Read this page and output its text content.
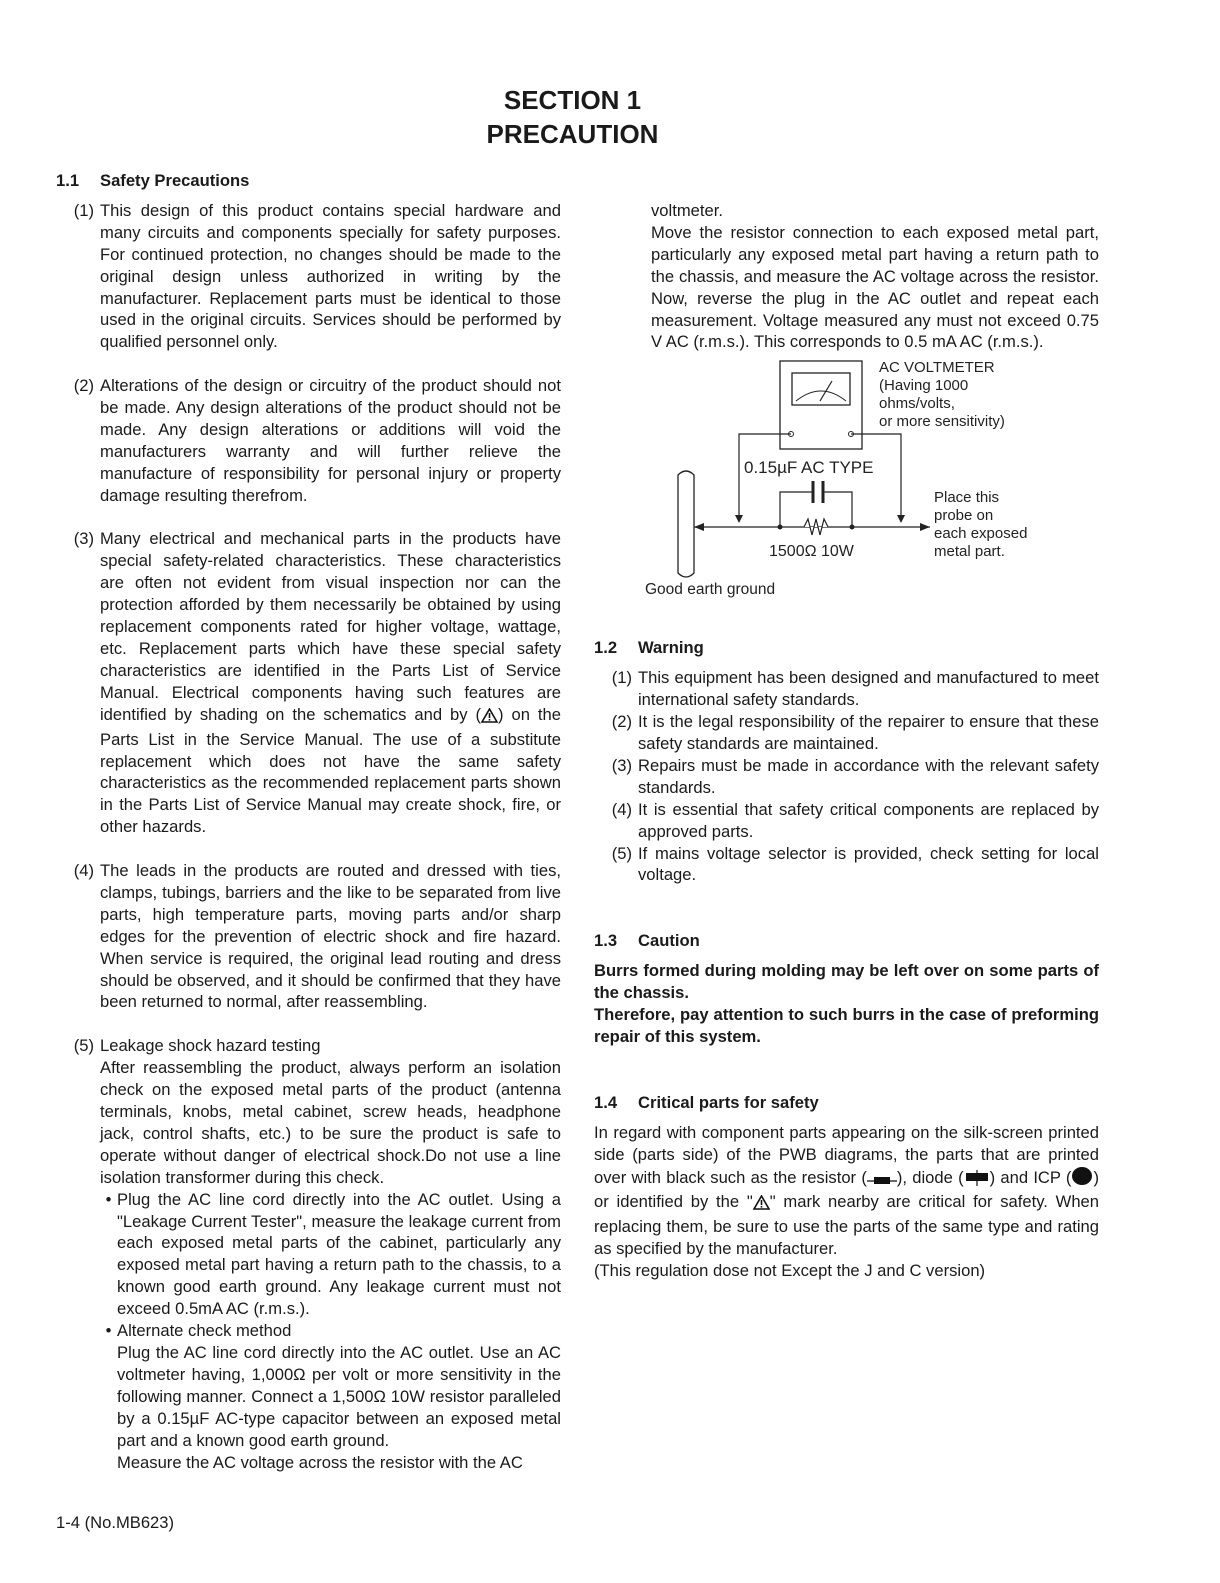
SECTION 1
PRECAUTION
1.1	Safety Precautions
(1) This design of this product contains special hardware and many circuits and components specially for safety purposes. For continued protection, no changes should be made to the original design unless authorized in writing by the manufacturer. Replacement parts must be identical to those used in the original circuits. Services should be performed by qualified personnel only.
(2) Alterations of the design or circuitry of the product should not be made. Any design alterations of the product should not be made. Any design alterations or additions will void the manufacturers warranty and will further relieve the manufacture of responsibility for personal injury or property damage resulting therefrom.
(3) Many electrical and mechanical parts in the products have special safety-related characteristics. These characteristics are often not evident from visual inspection nor can the protection afforded by them necessarily be obtained by using replacement components rated for higher voltage, wattage, etc. Replacement parts which have these special safety characteristics are identified in the Parts List of Service Manual. Electrical components having such features are identified by shading on the schematics and by ( ) on the Parts List in the Service Manual. The use of a substitute replacement which does not have the same safety characteristics as the recommended replacement parts shown in the Parts List of Service Manual may create shock, fire, or other hazards.
(4) The leads in the products are routed and dressed with ties, clamps, tubings, barriers and the like to be separated from live parts, high temperature parts, moving parts and/or sharp edges for the prevention of electric shock and fire hazard. When service is required, the original lead routing and dress should be observed, and it should be confirmed that they have been returned to normal, after reassembling.
(5) Leakage shock hazard testing
After reassembling the product, always perform an isolation check on the exposed metal parts of the product (antenna terminals, knobs, metal cabinet, screw heads, headphone jack, control shafts, etc.) to be sure the product is safe to operate without danger of electrical shock.Do not use a line isolation transformer during this check.
• Plug the AC line cord directly into the AC outlet. Using a "Leakage Current Tester", measure the leakage current from each exposed metal parts of the cabinet, particularly any exposed metal part having a return path to the chassis, to a known good earth ground. Any leakage current must not exceed 0.5mA AC (r.m.s.).
• Alternate check method
Plug the AC line cord directly into the AC outlet. Use an AC voltmeter having, 1,000Ω per volt or more sensitivity in the following manner. Connect a 1,500Ω 10W resistor paralleled by a 0.15µF AC-type capacitor between an exposed metal part and a known good earth ground.
Measure the AC voltage across the resistor with the AC
voltmeter.
Move the resistor connection to each exposed metal part, particularly any exposed metal part having a return path to the chassis, and measure the AC voltage across the resistor. Now, reverse the plug in the AC outlet and repeat each measurement. Voltage measured any must not exceed 0.75 V AC (r.m.s.). This corresponds to 0.5 mA AC (r.m.s.).
AC VOLTMETER
(Having 1000
ohms/volts,
or more sensitivity)
0.15µF AC TYPE
1500Ω 10W
Place this
probe on
each exposed
metal part.
Good earth ground
1.2	Warning
(1) This equipment has been designed and manufactured to meet international safety standards.
(2) It is the legal responsibility of the repairer to ensure that these safety standards are maintained.
(3) Repairs must be made in accordance with the relevant safety standards.
(4) It is essential that safety critical components are replaced by approved parts.
(5) If mains voltage selector is provided, check setting for local voltage.
1.3	Caution
Burrs formed during molding may be left over on some parts of the chassis.
Therefore, pay attention to such burrs in the case of preforming repair of this system.
1.4	Critical parts for safety
In regard with component parts appearing on the silk-screen printed side (parts side) of the PWB diagrams, the parts that are printed over with black such as the resistor ( ), diode ( ) and ICP ( ) or identified by the " " mark nearby are critical for safety. When replacing them, be sure to use the parts of the same type and rating as specified by the manufacturer.
(This regulation dose not Except the J and C version)
1-4 (No.MB623)
